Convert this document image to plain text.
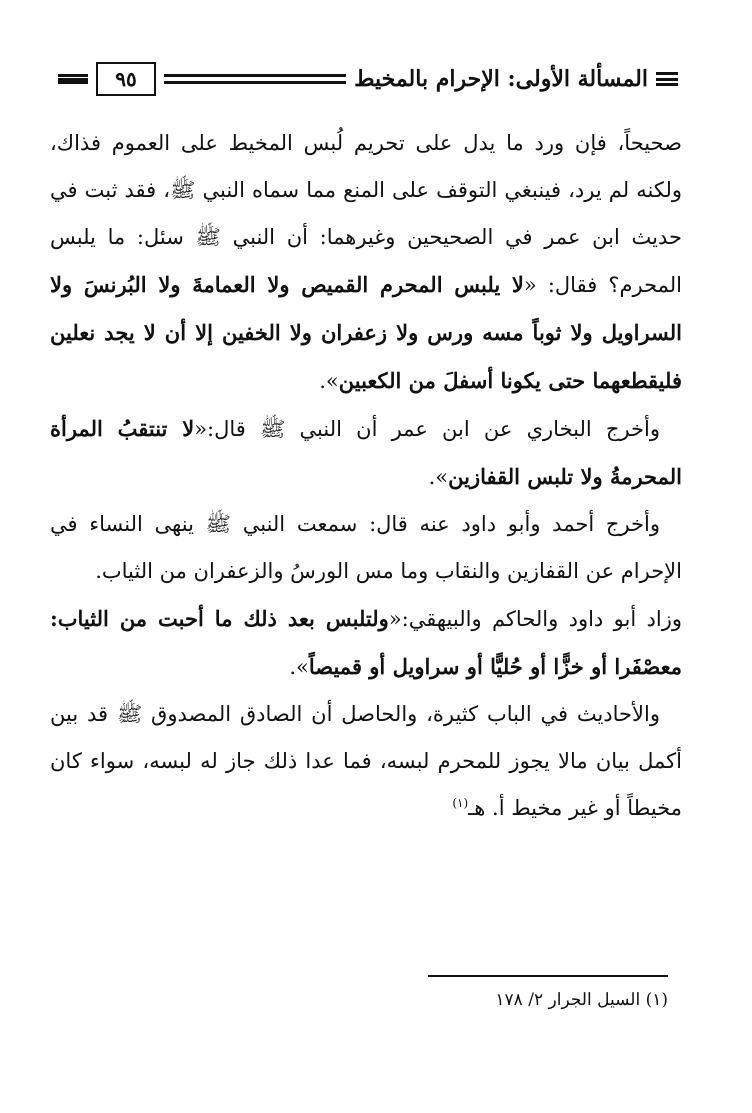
المسألة الأولى: الإحرام بالمخيط
٩٥

صحيحاً، فإن ورد ما يدل على تحريم لُبس المخيط على العموم فذاك، ولكنه لم يرد، فينبغي التوقف على المنع مما سماه النبي ﷺ، فقد ثبت في حديث ابن عمر في الصحيحين وغيرهما: أن النبي ﷺ سئل: ما يلبس المحرم؟ فقال: «لا يلبس المحرم القميص ولا العمامةَ ولا البُرنسَ ولا السراويل ولا ثوباً مسه ورس ولا زعفران ولا الخفين إلا أن لا يجد نعلين فليقطعهما حتى يكونا أسفلَ من الكعبين».

وأخرج البخاري عن ابن عمر أن النبي ﷺ قال:«لا تنتقبُ المرأة المحرمةُ ولا تلبس القفازين».

وأخرج أحمد وأبو داود عنه قال: سمعت النبي ﷺ ينهى النساء في الإحرام عن القفازين والنقاب وما مس الورسُ والزعفران من الثياب.

وزاد أبو داود والحاكم والبيهقي:«ولتلبس بعد ذلك ما أحبت من الثياب: معصْفَرا أو خزًّا أو حُليًّا أو سراويل أو قميصاً».

والأحاديث في الباب كثيرة، والحاصل أن الصادق المصدوق ﷺ قد بين أكمل بيان مالا يجوز للمحرم لبسه، فما عدا ذلك جاز له لبسه، سواء كان مخيطاً أو غير مخيط أ. هـ$^{(١)}$

(١) السيل الجرار ٢/ ١٧٨
